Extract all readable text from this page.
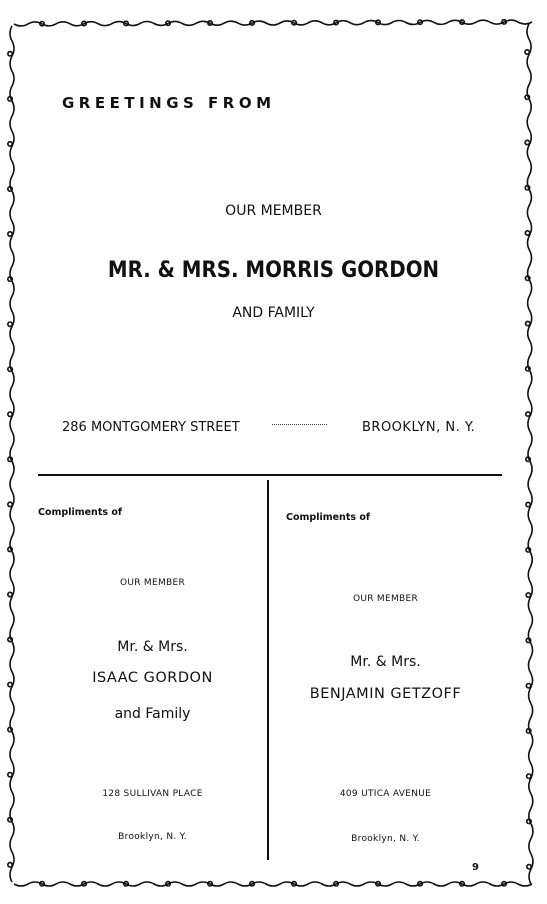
GREETINGS FROM
OUR MEMBER
MR. & MRS. MORRIS GORDON
AND FAMILY
286 MONTGOMERY STREET	BROOKLYN, N. Y.
Compliments of
OUR MEMBER
Mr. & Mrs.
ISAAC GORDON
and Family
128 SULLIVAN PLACE
Brooklyn, N. Y.
Compliments of
OUR MEMBER
Mr. & Mrs.
BENJAMIN GETZOFF
409 UTICA AVENUE
Brooklyn, N. Y.
9
